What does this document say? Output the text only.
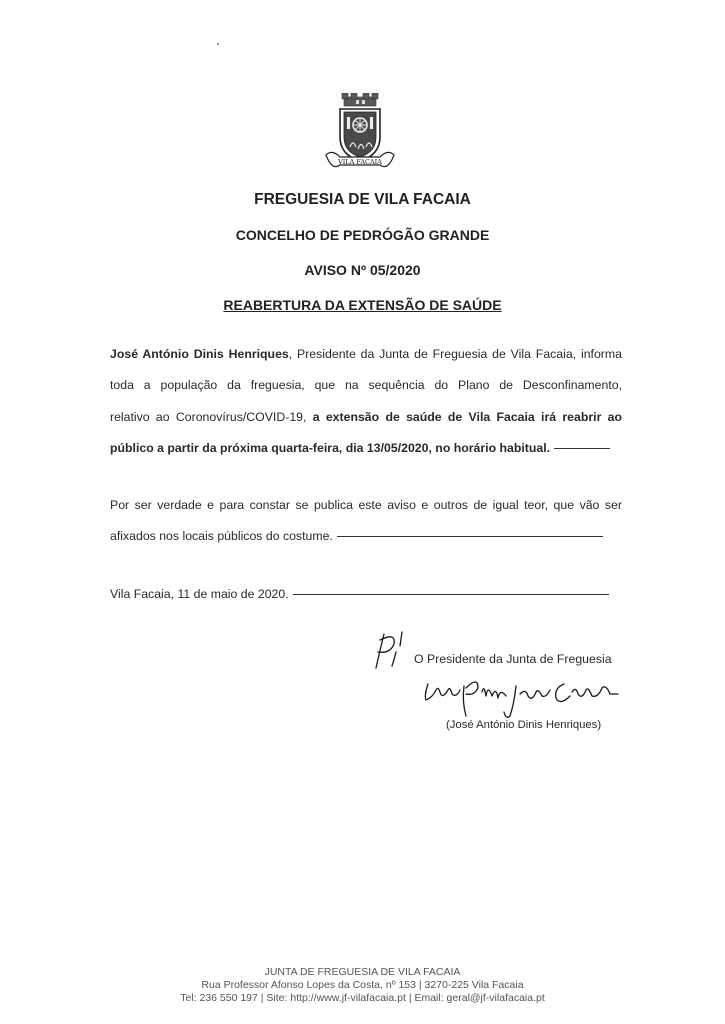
VILA FACAIA
FREGUESIA DE VILA FACAIA
CONCELHO DE PEDRÓGÃO GRANDE
AVISO Nº 05/2020
REABERTURA DA EXTENSÃO DE SAÚDE
José António Dinis Henriques, Presidente da Junta de Freguesia de Vila Facaia, informa
toda a população da freguesia, que na sequência do Plano de Desconfinamento,
relativo ao Coronovírus/COVID-19, a extensão de saúde de Vila Facaia irá reabrir ao
público a partir da próxima quarta-feira, dia 13/05/2020, no horário habitual.
Por ser verdade e para constar se publica este aviso e outros de igual teor, que vão ser
afixados nos locais públicos do costume.
Vila Facaia, 11 de maio de 2020.
O Presidente da Junta de Freguesia
(José António Dinis Henriques)
JUNTA DE FREGUESIA DE VILA FACAIA
Rua Professor Afonso Lopes da Costa, nº 153 | 3270-225 Vila Facaia
Tel: 236 550 197 | Site: http://www.jf-vilafacaia.pt | Email: geral@jf-vilafacaia.pt
